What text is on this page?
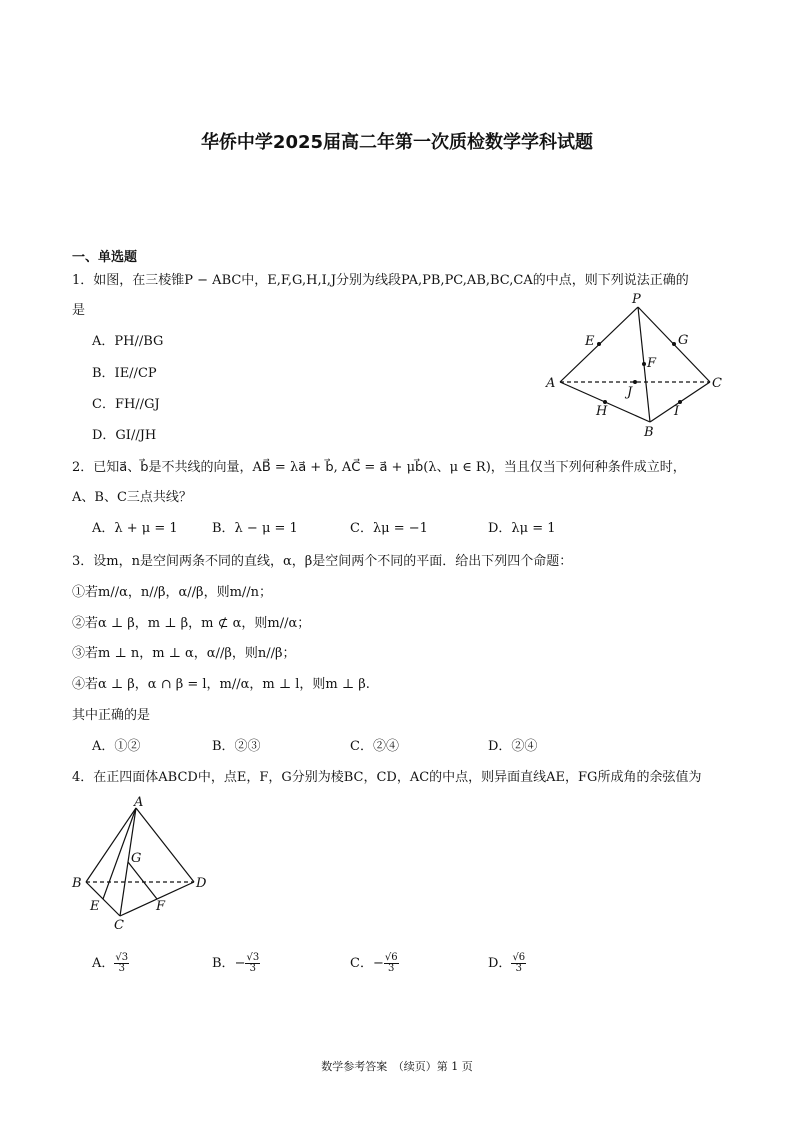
华侨中学2025届高二年第一次质检数学学科试题
一、单选题
1．如图，在三棱锥P − ABC中，E,F,G,H,I,J分别为线段PA,PB,PC,AB,BC,CA的中点，则下列说法正确的
是
A．PH//BG
B．IE//CP
C．FH//GJ
D．GI//JH
P
E	G
F
A
J
C
H	I
B
2．已知a⃗、b⃗是不共线的向量，AB⃗ = λa⃗ + b⃗, AC⃗ = a⃗ + μb⃗(λ、μ ∈ R)，当且仅当下列何种条件成立时，
A、B、C三点共线？
A．λ + μ = 1	B．λ − μ = 1	C．λμ = −1	D．λμ = 1
3．设m，n是空间两条不同的直线，α，β是空间两个不同的平面．给出下列四个命题：
①若m//α，n//β，α//β，则m//n；
②若α ⊥ β，m ⊥ β，m ⊄ α，则m//α；
③若m ⊥ n，m ⊥ α，α//β，则n//β；
④若α ⊥ β，α ∩ β = l，m//α，m ⊥ l，则m ⊥ β.
其中正确的是
A．①②	B．②③	C．②④	D．②④
4．在正四面体ABCD中，点E，F，G分别为棱BC，CD，AC的中点，则异面直线AE，FG所成角的余弦值为
A
G
B	D
E	F
C
A． $\frac{√3}{3}$	B．− $\frac{√3}{3}$	C．− $\frac{√6}{3}$	D． $\frac{√6}{3}$
数学参考答案　（续页）第 1 页
